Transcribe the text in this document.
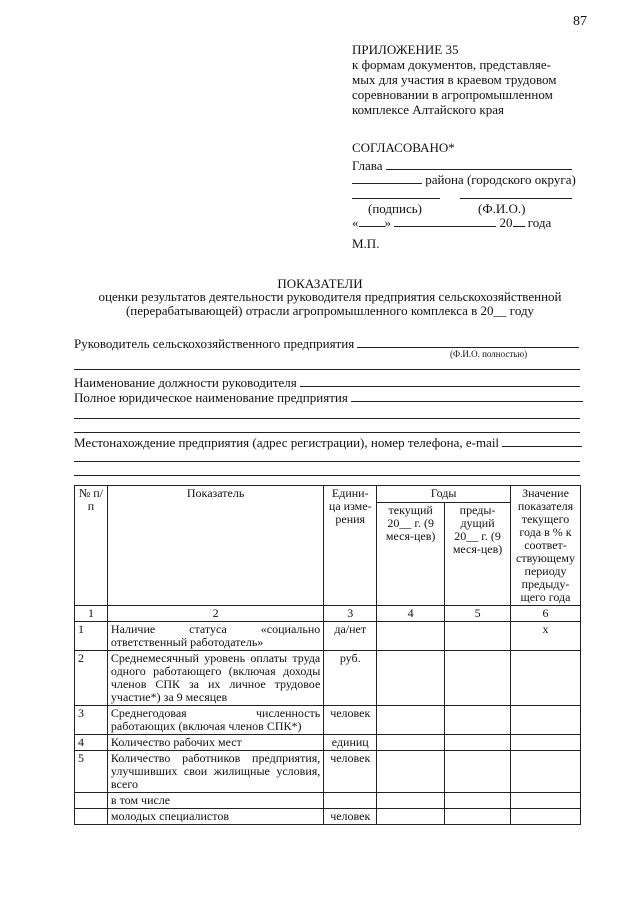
87
ПРИЛОЖЕНИЕ 35
к формам документов, представляе-
мых для участия в краевом трудовом
соревновании в агропромышленном
комплексе Алтайского края
СОГЛАСОВАНО*
Глава
района (городского округа)
(подпись)	(Ф.И.О.)
« »	20 года
М.П.
ПОКАЗАТЕЛИ
оценки результатов деятельности руководителя предприятия сельскохозяйственной (перерабатывающей) отрасли агропромышленного комплекса в 20__ году
Руководитель сельскохозяйственного предприятия
(Ф.И.О. полностью)
Наименование должности руководителя
Полное юридическое наименование предприятия
Местонахождение предприятия (адрес регистрации), номер телефона, e-mail
№ п/п	Показатель	Едини-ца изме-рения	Годы		Значение показателя текущего года в % к соответ-ствующему периоду предыду-щего года
			текущий 20__ г. (9 меся-цев)	преды-дущий 20__ г. (9 меся-цев)	
1	2	3	4	5	6
1	Наличие статуса «социально ответственный работодатель»	да/нет			х
2	Среднемесячный уровень оплаты труда одного работающего (включая доходы членов СПК за их личное трудовое участие*) за 9 месяцев	руб.			
3	Среднегодовая численность работающих (включая членов СПК*)	человек			
4	Количество рабочих мест	единиц			
5	Количество работников предприятия, улучшивших свои жилищные условия, всего	человек			
	в том числе				
	молодых специалистов	человек			
